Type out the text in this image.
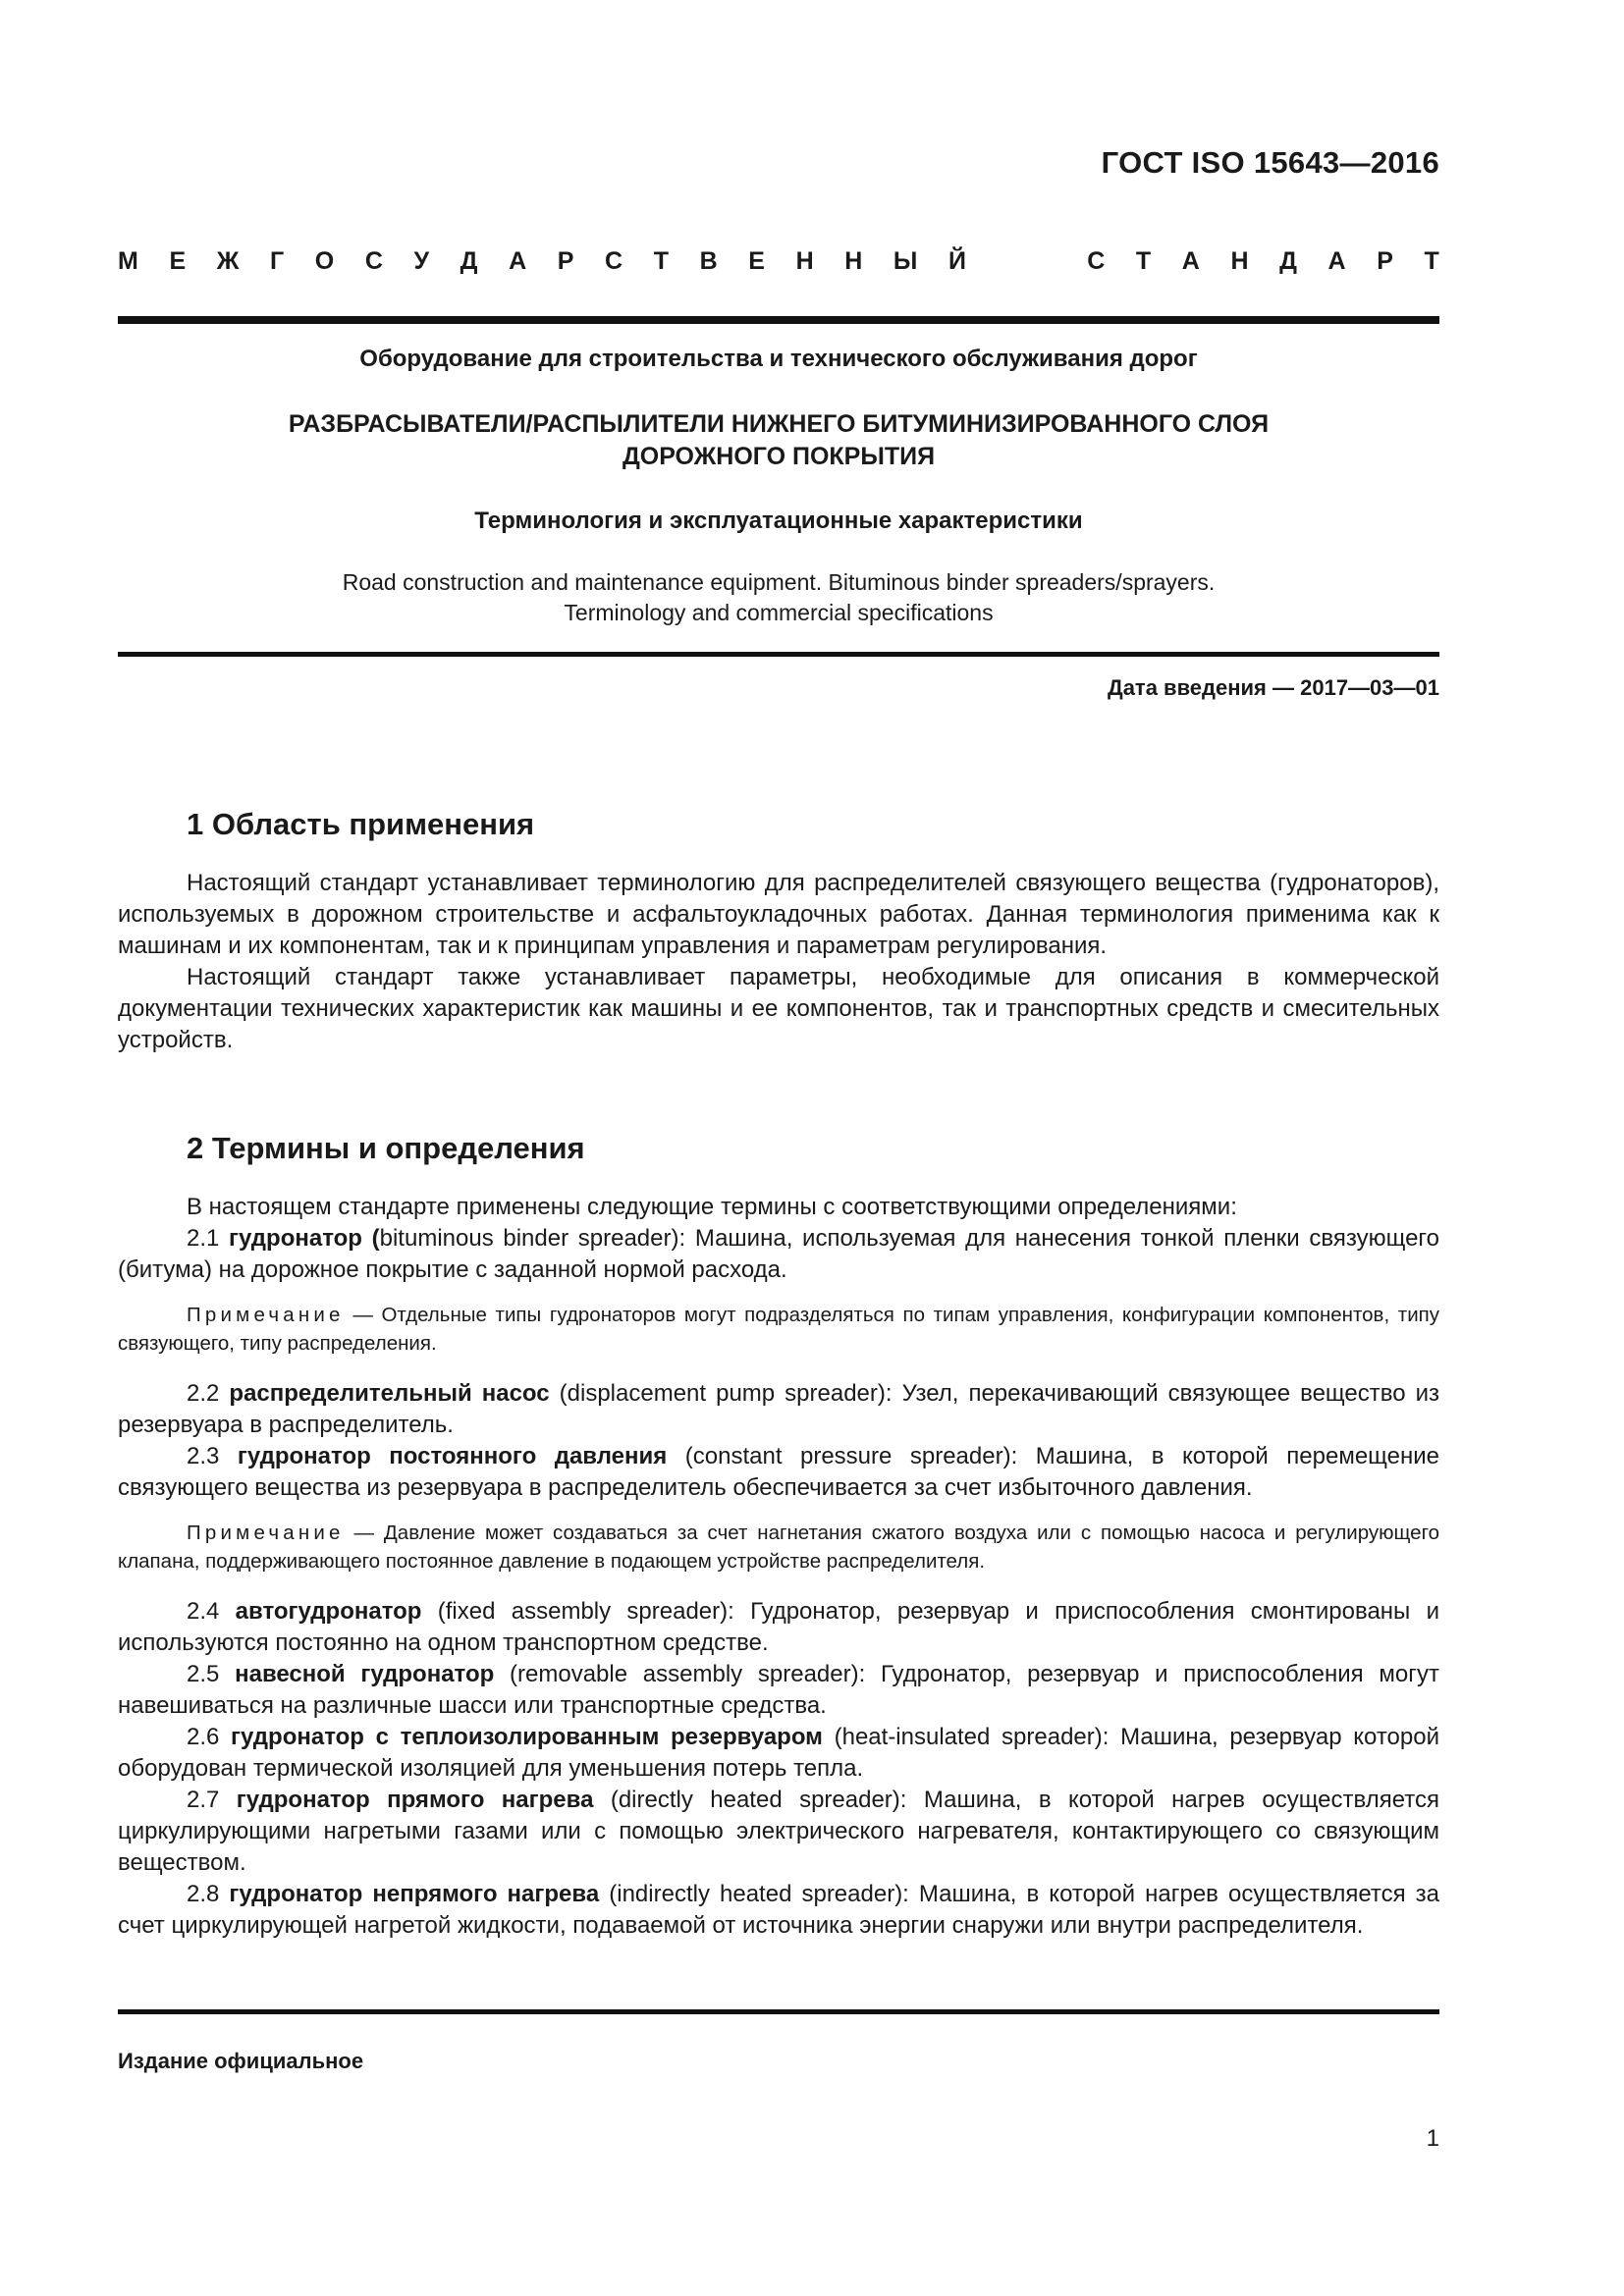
ГОСТ ISO 15643—2016
М Е Ж Г О С У Д А Р С Т В Е Н Н Ы Й	С Т А Н Д А Р Т
Оборудование для строительства и технического обслуживания дорог
РАЗБРАСЫВАТЕЛИ/РАСПЫЛИТЕЛИ НИЖНЕГО БИТУМИНИЗИРОВАННОГО СЛОЯ
ДОРОЖНОГО ПОКРЫТИЯ
Терминология и эксплуатационные характеристики
Road construction and maintenance equipment. Bituminous binder spreaders/sprayers.
Terminology and commercial specifications
Дата введения — 2017—03—01
1 Область применения

Настоящий стандарт устанавливает терминологию для распределителей связующего вещества (гудронаторов), используемых в дорожном строительстве и асфальтоукладочных работах. Данная терминология применима как к машинам и их компонентам, так и к принципам управления и параметрам регулирования.

Настоящий стандарт также устанавливает параметры, необходимые для описания в коммерческой документации технических характеристик как машины и ее компонентов, так и транспортных средств и смесительных устройств.

2 Термины и определения

В настоящем стандарте применены следующие термины с соответствующими определениями:

2.1 гудронатор (bituminous binder spreader): Машина, используемая для нанесения тонкой пленки связующего (битума) на дорожное покрытие с заданной нормой расхода.

Примечание — Отдельные типы гудронаторов могут подразделяться по типам управления, конфигурации компонентов, типу связующего, типу распределения.

2.2 распределительный насос (displacement pump spreader): Узел, перекачивающий связующее вещество из резервуара в распределитель.

2.3 гудронатор постоянного давления (constant pressure spreader): Машина, в которой перемещение связующего вещества из резервуара в распределитель обеспечивается за счет избыточного давления.

Примечание — Давление может создаваться за счет нагнетания сжатого воздуха или с помощью насоса и регулирующего клапана, поддерживающего постоянное давление в подающем устройстве распределителя.

2.4 автогудронатор (fixed assembly spreader): Гудронатор, резервуар и приспособления смонтированы и используются постоянно на одном транспортном средстве.

2.5 навесной гудронатор (removable assembly spreader): Гудронатор, резервуар и приспособления могут навешиваться на различные шасси или транспортные средства.

2.6 гудронатор с теплоизолированным резервуаром (heat-insulated spreader): Машина, резервуар которой оборудован термической изоляцией для уменьшения потерь тепла.

2.7 гудронатор прямого нагрева (directly heated spreader): Машина, в которой нагрев осуществляется циркулирующими нагретыми газами или с помощью электрического нагревателя, контактирующего со связующим веществом.

2.8 гудронатор непрямого нагрева (indirectly heated spreader): Машина, в которой нагрев осуществляется за счет циркулирующей нагретой жидкости, подаваемой от источника энергии снаружи или внутри распределителя.

Издание официальное
1
